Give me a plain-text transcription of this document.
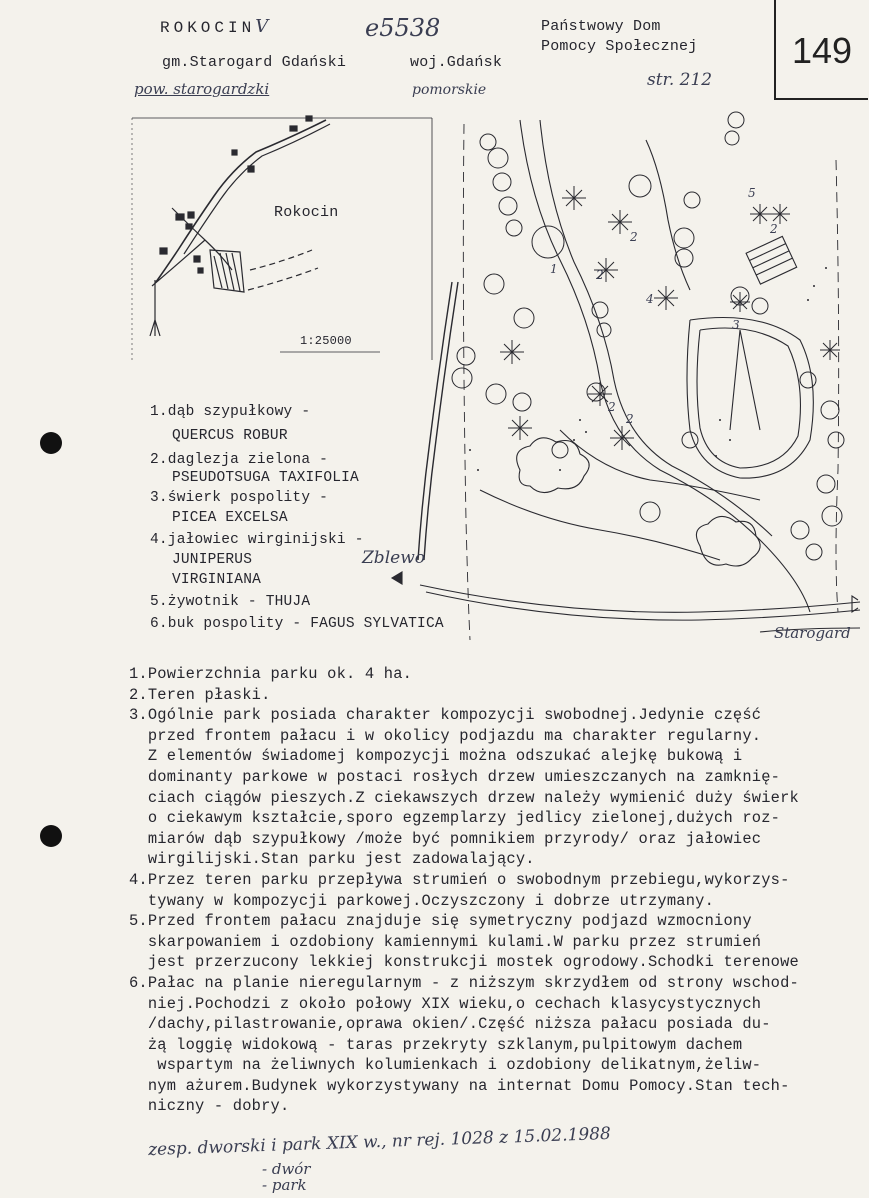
ROKOCINV	e5538
gm.Starogard Gdański	woj.Gdańsk
pow. starogardzki	pomorskie
Państwowy Dom
Pomocy Społecznej
str. 212
149
Rokocin
1:25000
Zblewo
Starogard
1
2
2
2
2
4
5
2
3
1.dąb szypułkowy -
QUERCUS ROBUR
2.daglezja zielona -
PSEUDOTSUGA TAXIFOLIA
3.świerk pospolity -
PICEA EXCELSA
4.jałowiec wirginijski -
JUNIPERUS
VIRGINIANA
5.żywotnik - THUJA
6.buk pospolity - FAGUS SYLVATICA
1.Powierzchnia parku ok. 4 ha.
2.Teren płaski.
3.Ogólnie park posiada charakter kompozycji swobodnej.Jedynie część
przed frontem pałacu i w okolicy podjazdu ma charakter regularny.
Z elementów świadomej kompozycji można odszukać alejkę bukową i
dominanty parkowe w postaci rosłych drzew umieszczanych na zamknię-
ciach ciągów pieszych.Z ciekawszych drzew należy wymienić duży świerk
o ciekawym kształcie,sporo egzemplarzy jedlicy zielonej,dużych roz-
miarów dąb szypułkowy /może być pomnikiem przyrody/ oraz jałowiec
wirgilijski.Stan parku jest zadowalający.
4.Przez teren parku przepływa strumień o swobodnym przebiegu,wykorzys-
tywany w kompozycji parkowej.Oczyszczony i dobrze utrzymany.
5.Przed frontem pałacu znajduje się symetryczny podjazd wzmocniony
skarpowaniem i ozdobiony kamiennymi kulami.W parku przez strumień
jest przerzucony lekkiej konstrukcji mostek ogrodowy.Schodki terenowe
6.Pałac na planie nieregularnym - z niższym skrzydłem od strony wschod-
niej.Pochodzi z około połowy XIX wieku,o cechach klasycystycznych
/dachy,pilastrowanie,oprawa okien/.Część niższa pałacu posiada du-
żą loggię widokową - taras przekryty szklanym,pulpitowym dachem
wspartym na żeliwnych kolumienkach i ozdobiony delikatnym,żeliw-
nym ażurem.Budynek wykorzystywany na internat Domu Pomocy.Stan tech-
niczny - dobry.
zesp. dworski i park XIX w., nr rej. 1028 z 15.02.1988
- dwór
- park
